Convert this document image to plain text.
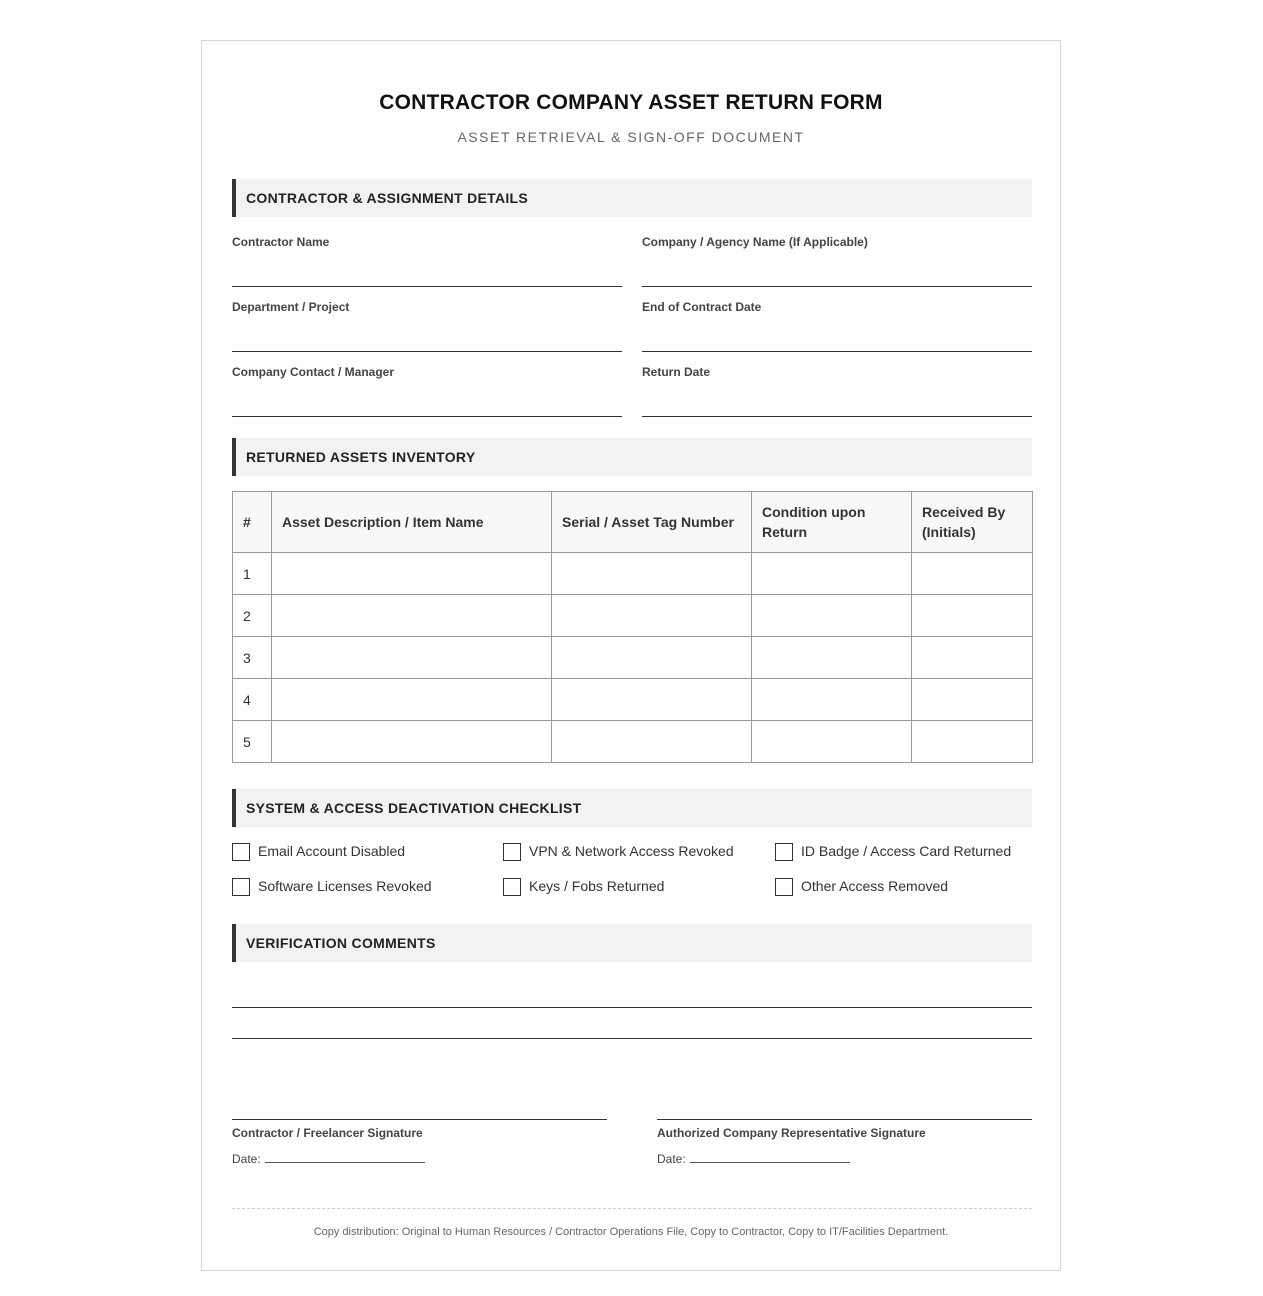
CONTRACTOR COMPANY ASSET RETURN FORM
ASSET RETRIEVAL & SIGN-OFF DOCUMENT
CONTRACTOR & ASSIGNMENT DETAILS
Contractor Name	Company / Agency Name (If Applicable)
Department / Project	End of Contract Date
Company Contact / Manager	Return Date
RETURNED ASSETS INVENTORY
#	Asset Description / Item Name	Serial / Asset Tag Number	Condition upon Return	Received By (Initials)
1				
2				
3				
4				
5				
SYSTEM & ACCESS DEACTIVATION CHECKLIST
Email Account Disabled	VPN & Network Access Revoked	ID Badge / Access Card Returned
Software Licenses Revoked	Keys / Fobs Returned	Other Access Removed
VERIFICATION COMMENTS
Contractor / Freelancer Signature
Date:
Authorized Company Representative Signature
Date:
Copy distribution: Original to Human Resources / Contractor Operations File, Copy to Contractor, Copy to IT/Facilities Department.
